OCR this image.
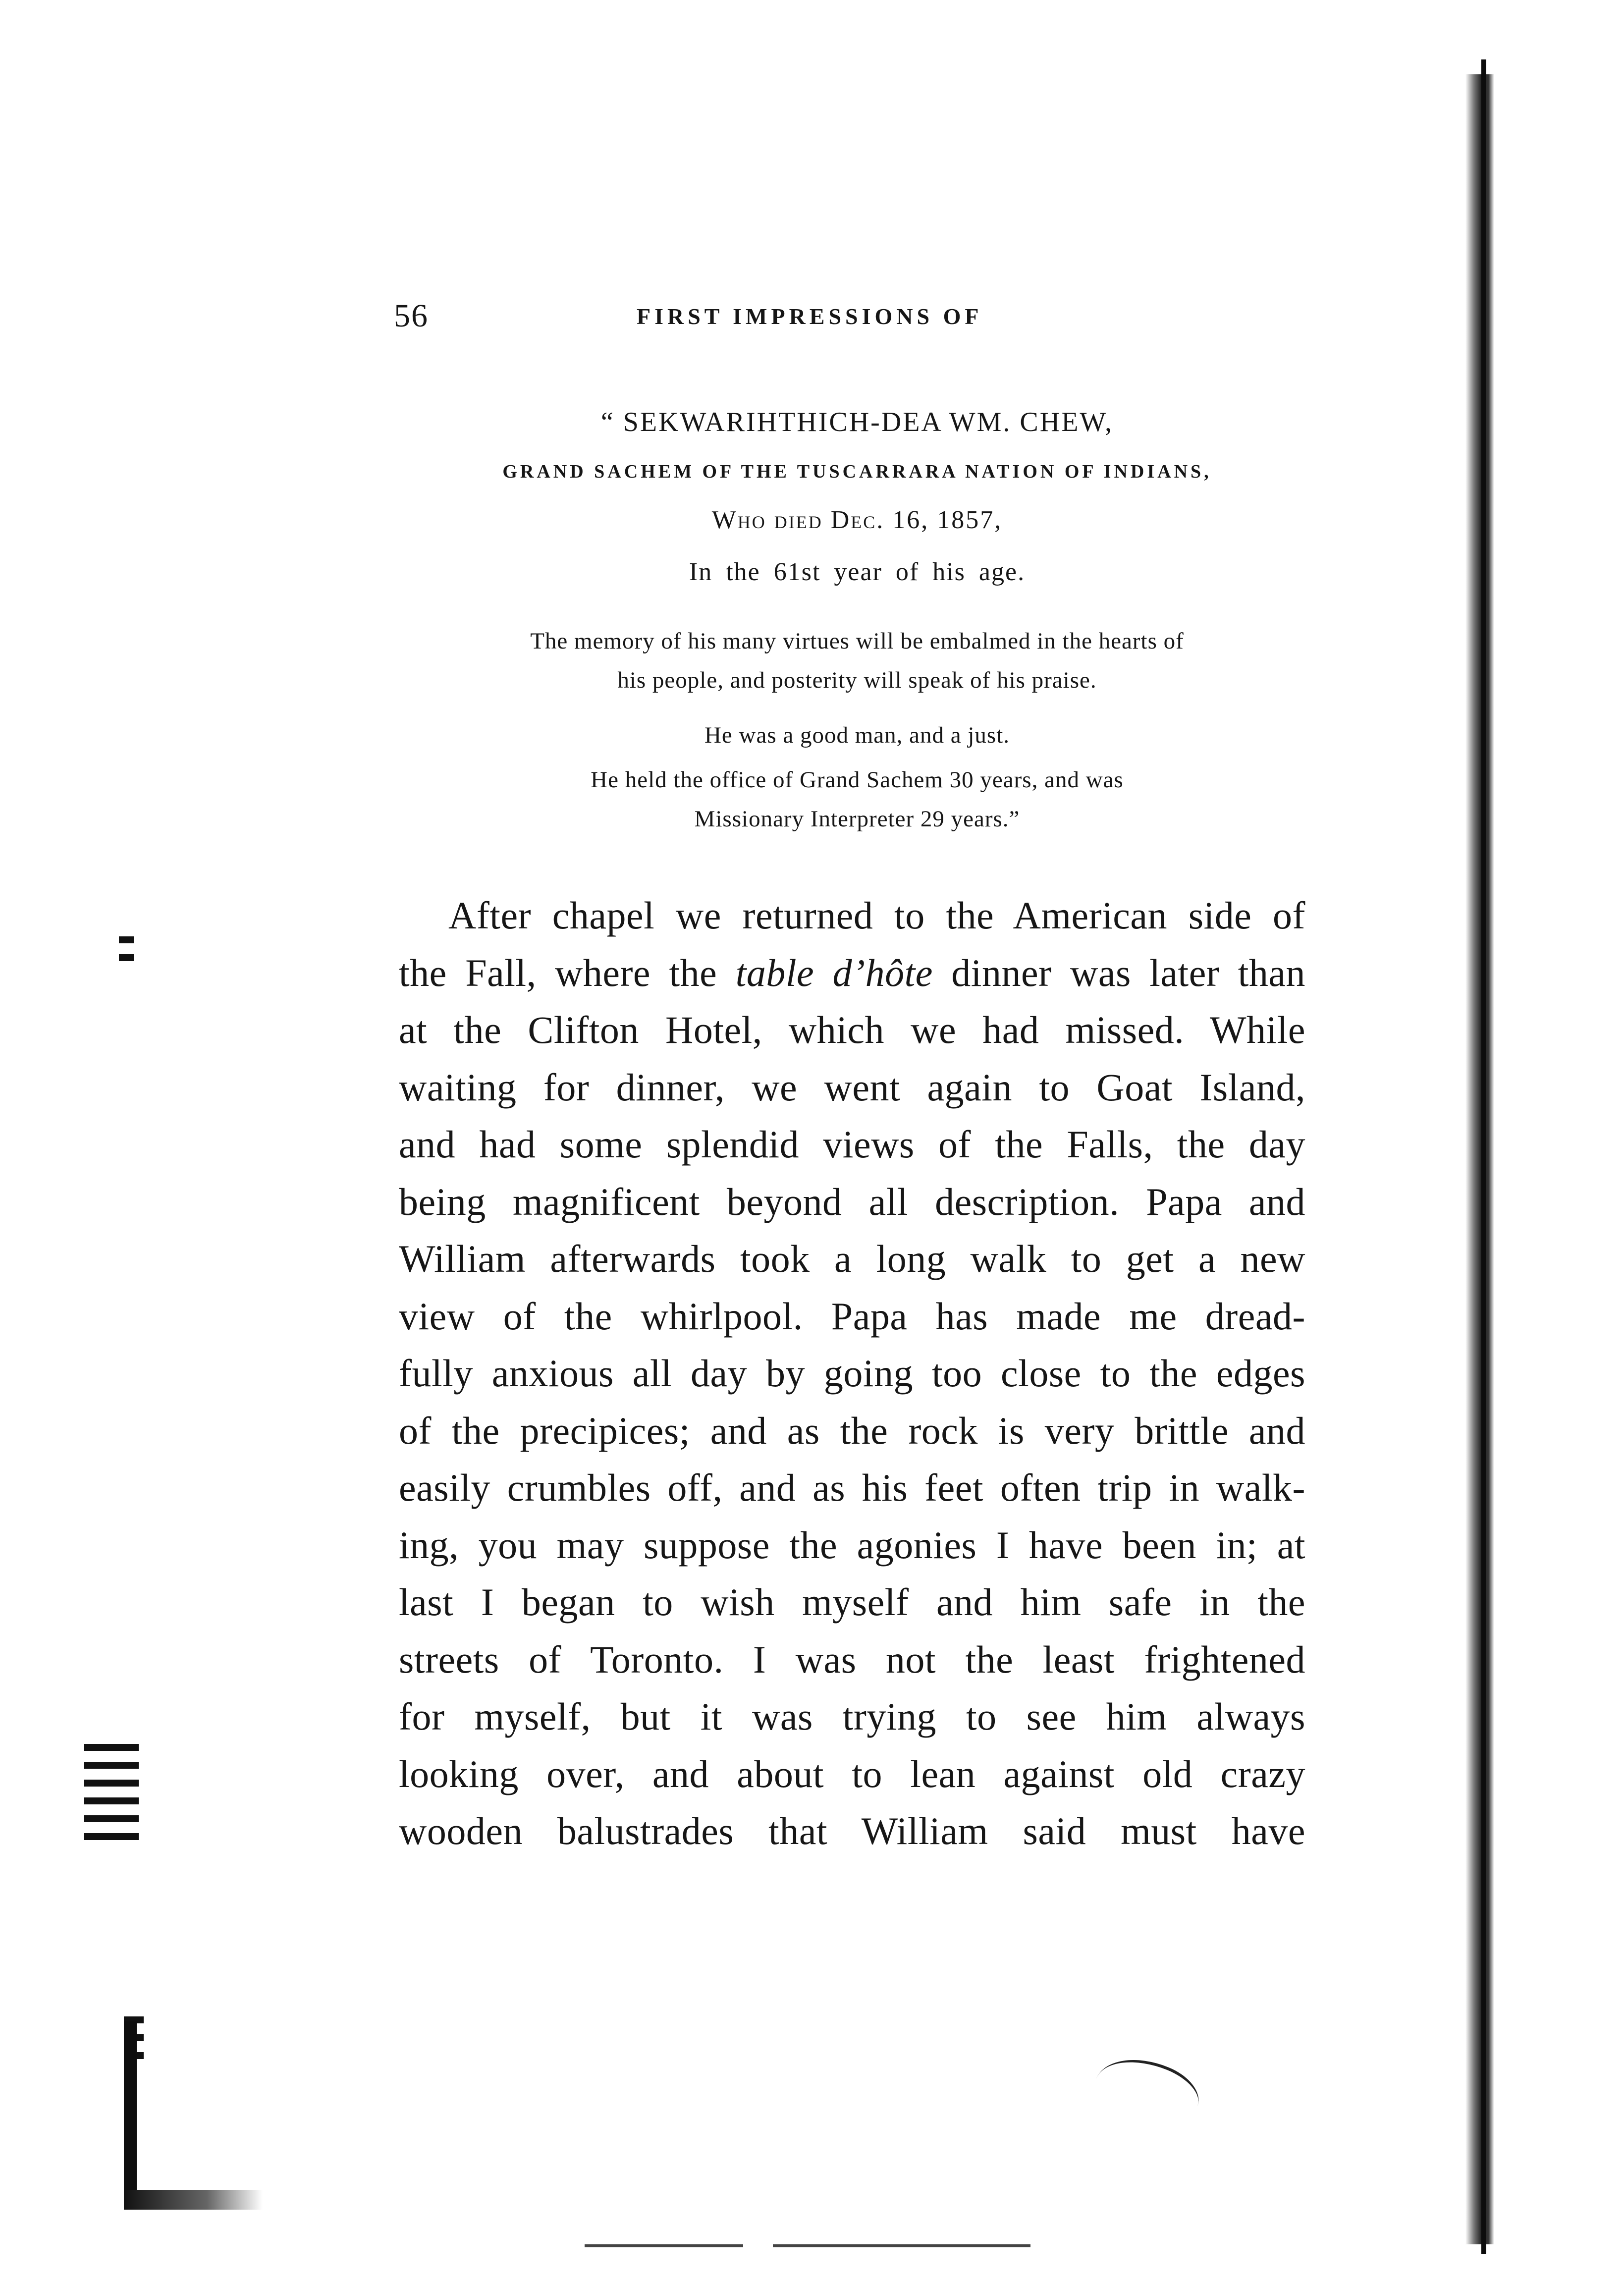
56	FIRST IMPRESSIONS OF
“ SEKWARIHTHICH-DEA WM. CHEW,
GRAND SACHEM OF THE TUSCARRARA NATION OF INDIANS,
Who died Dec. 16, 1857,
In the 61st year of his age.
The memory of his many virtues will be embalmed in the hearts of
his people, and posterity will speak of his praise.
He was a good man, and a just.
He held the office of Grand Sachem 30 years, and was
Missionary Interpreter 29 years.”
After chapel we returned to the American side of
the Fall, where the table d’hôte dinner was later than
at the Clifton Hotel, which we had missed. While
waiting for dinner, we went again to Goat Island,
and had some splendid views of the Falls, the day
being magnificent beyond all description. Papa and
William afterwards took a long walk to get a new
view of the whirlpool. Papa has made me dread-
fully anxious all day by going too close to the edges
of the precipices; and as the rock is very brittle and
easily crumbles off, and as his feet often trip in walk-
ing, you may suppose the agonies I have been in; at
last I began to wish myself and him safe in the
streets of Toronto. I was not the least frightened
for myself, but it was trying to see him always
looking over, and about to lean against old crazy
wooden balustrades that William said must have
